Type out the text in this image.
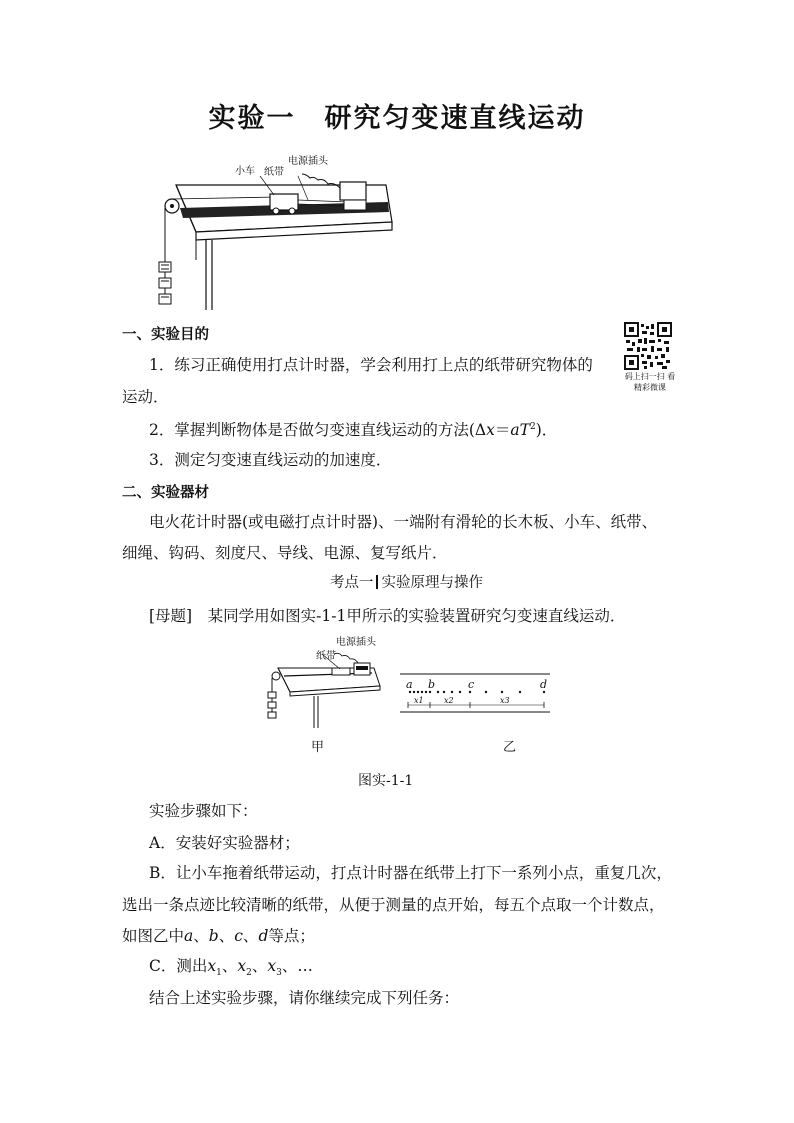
实验一　研究匀变速直线运动
小车 纸带
电源插头
码上扫一扫 看精彩微课
一、实验目的
1．练习正确使用打点计时器，学会利用打上点的纸带研究物体的
运动．
2．掌握判断物体是否做匀变速直线运动的方法$(\Delta x=aT^2)$．
3．测定匀变速直线运动的加速度．
二、实验器材
电火花计时器(或电磁打点计时器)、一端附有滑轮的长木板、小车、纸带、
细绳、钩码、刻度尺、导线、电源、复写纸片．
考点一 实验原理与操作
[母题]　 某同学用如图实-1-1甲所示的实验装置研究匀变速直线运动．
电源插头
纸带
a b	c	d
x1	x2	x3
甲	乙
图实-1-1
实验步骤如下：
A．安装好实验器材；
B．让小车拖着纸带运动，打点计时器在纸带上打下一系列小点，重复几次，
选出一条点迹比较清晰的纸带，从便于测量的点开始，每五个点取一个计数点，
如图乙中a、b、c、d等点；
C．测出$x_1$、$x_2$、$x_3$、…
结合上述实验步骤，请你继续完成下列任务：
